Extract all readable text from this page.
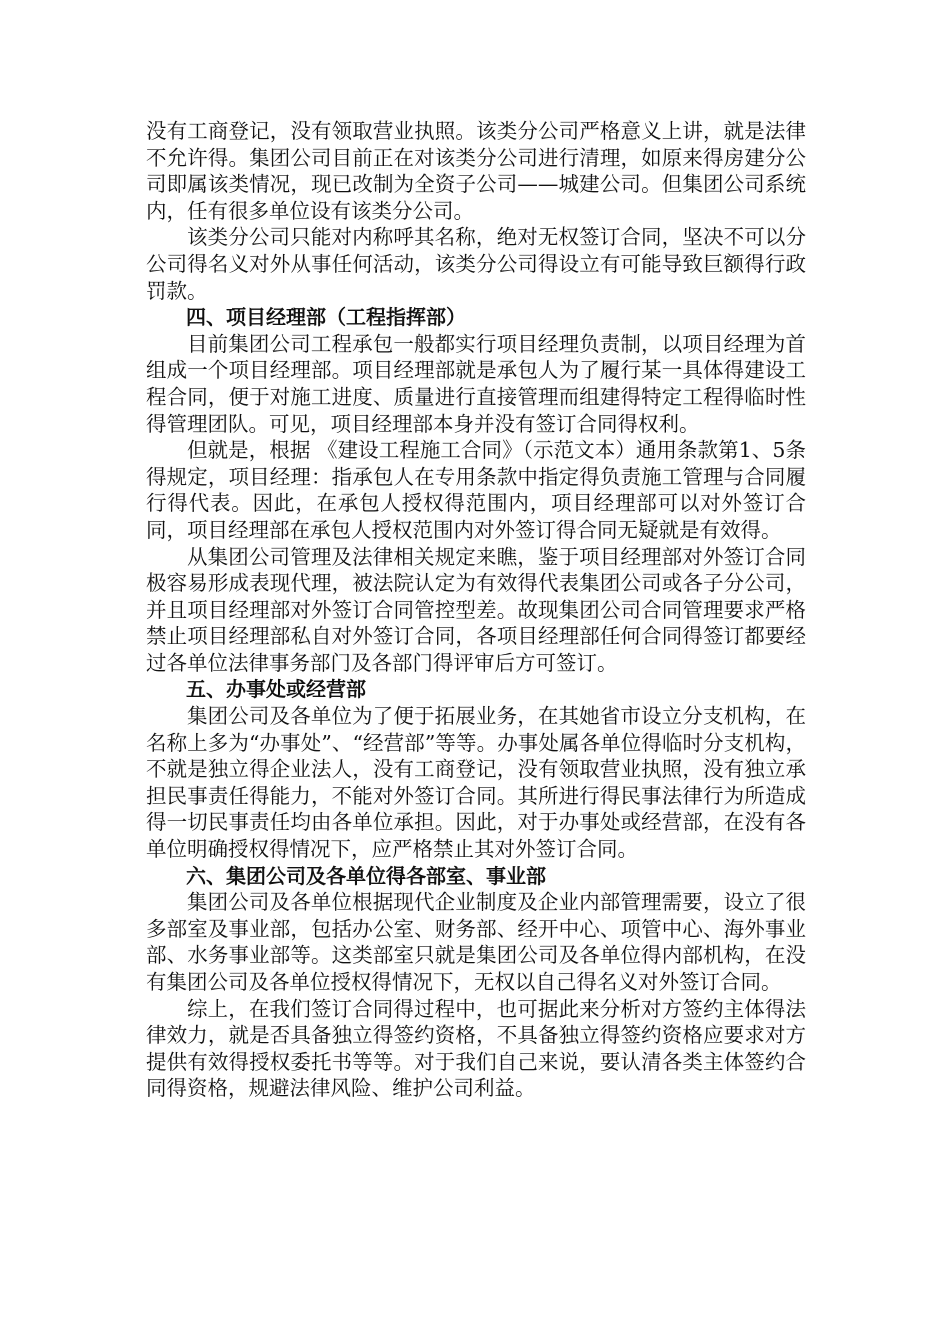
没有工商登记，没有领取营业执照。该类分公司严格意义上讲，就是法律不允许得。集团公司目前正在对该类分公司进行清理，如原来得房建分公司即属该类情况，现已改制为全资子公司——城建公司。但集团公司系统内，任有很多单位设有该类分公司。

该类分公司只能对内称呼其名称，绝对无权签订合同，坚决不可以分公司得名义对外从事任何活动，该类分公司得设立有可能导致巨额得行政罚款。

四、项目经理部（工程指挥部）

目前集团公司工程承包一般都实行项目经理负责制，以项目经理为首组成一个项目经理部。项目经理部就是承包人为了履行某一具体得建设工程合同，便于对施工进度、质量进行直接管理而组建得特定工程得临时性得管理团队。可见，项目经理部本身并没有签订合同得权利。

但就是，根据 《建设工程施工合同》（示范文本）通用条款第1、5条得规定，项目经理：指承包人在专用条款中指定得负责施工管理与合同履行得代表。因此，在承包人授权得范围内，项目经理部可以对外签订合同，项目经理部在承包人授权范围内对外签订得合同无疑就是有效得。

从集团公司管理及法律相关规定来瞧，鉴于项目经理部对外签订合同极容易形成表现代理，被法院认定为有效得代表集团公司或各子分公司，并且项目经理部对外签订合同管控型差。故现集团公司合同管理要求严格禁止项目经理部私自对外签订合同，各项目经理部任何合同得签订都要经过各单位法律事务部门及各部门得评审后方可签订。

五、办事处或经营部

集团公司及各单位为了便于拓展业务，在其她省市设立分支机构，在名称上多为“办事处”、“经营部”等等。办事处属各单位得临时分支机构，不就是独立得企业法人，没有工商登记，没有领取营业执照，没有独立承担民事责任得能力，不能对外签订合同。其所进行得民事法律行为所造成得一切民事责任均由各单位承担。因此，对于办事处或经营部，在没有各单位明确授权得情况下，应严格禁止其对外签订合同。

六、集团公司及各单位得各部室、事业部

集团公司及各单位根据现代企业制度及企业内部管理需要，设立了很多部室及事业部，包括办公室、财务部、经开中心、项管中心、海外事业部、水务事业部等。这类部室只就是集团公司及各单位得内部机构，在没有集团公司及各单位授权得情况下，无权以自己得名义对外签订合同。

综上，在我们签订合同得过程中，也可据此来分析对方签约主体得法律效力，就是否具备独立得签约资格，不具备独立得签约资格应要求对方提供有效得授权委托书等等。对于我们自己来说，要认清各类主体签约合同得资格，规避法律风险、维护公司利益。
